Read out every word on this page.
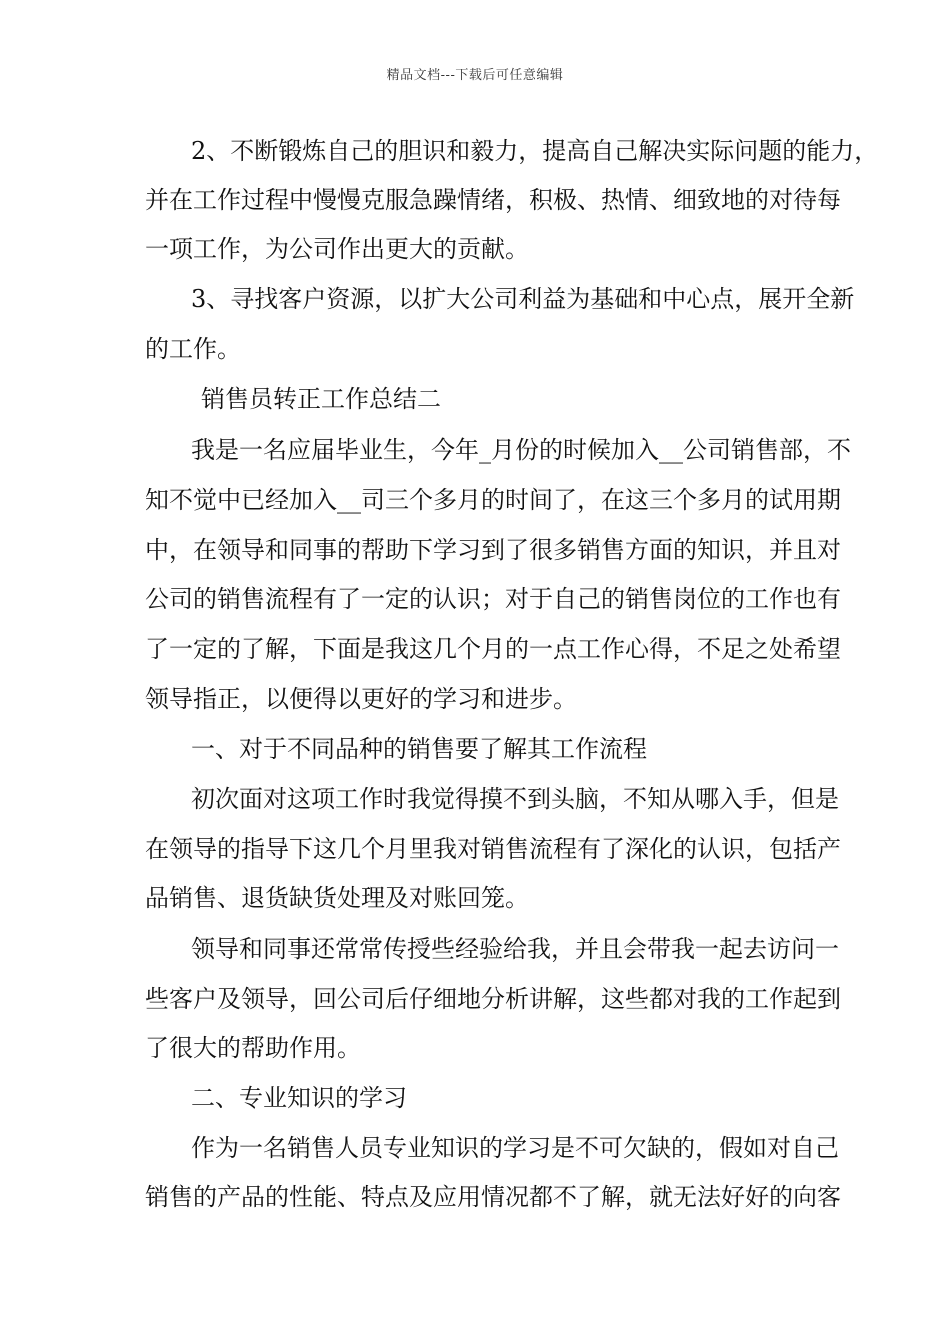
精品文档---下载后可任意编辑
2、不断锻炼自己的胆识和毅力，提高自己解决实际问题的能力，
并在工作过程中慢慢克服急躁情绪，积极、热情、细致地的对待每
一项工作，为公司作出更大的贡献。
3、寻找客户资源，以扩大公司利益为基础和中心点，展开全新
的工作。
销售员转正工作总结二
我是一名应届毕业生，今年_月份的时候加入__公司销售部，不
知不觉中已经加入__司三个多月的时间了，在这三个多月的试用期
中，在领导和同事的帮助下学习到了很多销售方面的知识，并且对
公司的销售流程有了一定的认识；对于自己的销售岗位的工作也有
了一定的了解，下面是我这几个月的一点工作心得，不足之处希望
领导指正，以便得以更好的学习和进步。
一、对于不同品种的销售要了解其工作流程
初次面对这项工作时我觉得摸不到头脑，不知从哪入手，但是
在领导的指导下这几个月里我对销售流程有了深化的认识，包括产
品销售、退货缺货处理及对账回笼。
领导和同事还常常传授些经验给我，并且会带我一起去访问一
些客户及领导，回公司后仔细地分析讲解，这些都对我的工作起到
了很大的帮助作用。
二、专业知识的学习
作为一名销售人员专业知识的学习是不可欠缺的，假如对自己
销售的产品的性能、特点及应用情况都不了解，就无法好好的向客
